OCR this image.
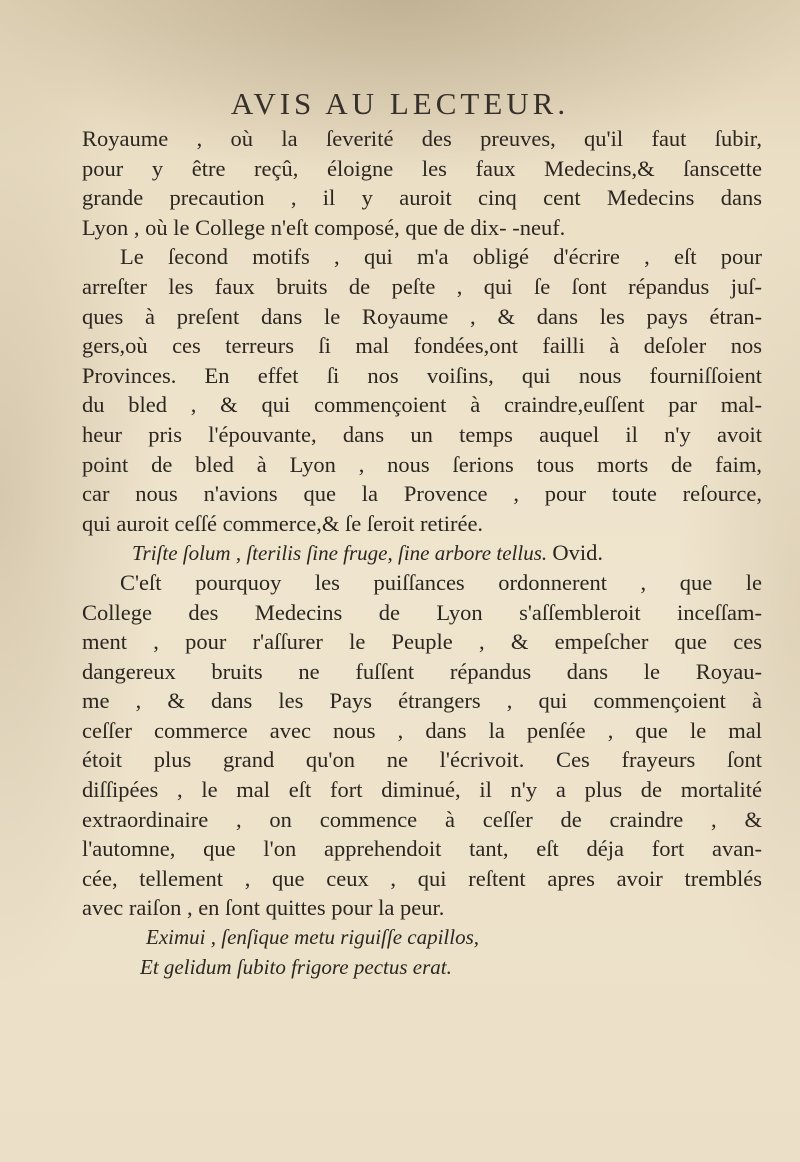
AVIS AU LECTEUR.
Royaume , où la ſeverité des preuves, qu'il faut ſubir,
pour y être reçû, éloigne les faux Medecins,& ſanscette
grande precaution , il y auroit cinq cent Medecins dans
Lyon , où le College n'eſt composé, que de dix- -neuf.
Le ſecond motifs , qui m'a obligé d'écrire , eſt pour
arreſter les faux bruits de peſte , qui ſe ſont répandus juſ-
ques à preſent dans le Royaume , & dans les pays étran-
gers,où ces terreurs ſi mal fondées,ont failli à deſoler nos
Provinces. En effet ſi nos voiſins, qui nous fourniſſoient
du bled , & qui commençoient à craindre,euſſent par mal-
heur pris l'épouvante, dans un temps auquel il n'y avoit
point de bled à Lyon , nous ſerions tous morts de faim,
car nous n'avions que la Provence , pour toute reſource,
qui auroit ceſſé commerce,& ſe ſeroit retirée.
Triſte ſolum , ſterilis ſine fruge, ſine arbore tellus. Ovid.
C'eſt pourquoy les puiſſances ordonnerent , que le
College des Medecins de Lyon s'aſſembleroit inceſſam-
ment , pour r'aſſurer le Peuple , & empeſcher que ces
dangereux bruits ne fuſſent répandus dans le Royau-
me , & dans les Pays étrangers , qui commençoient à
ceſſer commerce avec nous , dans la penſée , que le mal
étoit plus grand qu'on ne l'écrivoit. Ces frayeurs ſont
diſſipées , le mal eſt fort diminué, il n'y a plus de mortalité
extraordinaire , on commence à ceſſer de craindre , &
l'automne, que l'on apprehendoit tant, eſt déja fort avan-
cée, tellement , que ceux , qui reſtent apres avoir tremblés
avec raiſon , en ſont quittes pour la peur.
Eximui , ſenſique metu riguiſſe capillos,
Et gelidum ſubito frigore pectus erat.
